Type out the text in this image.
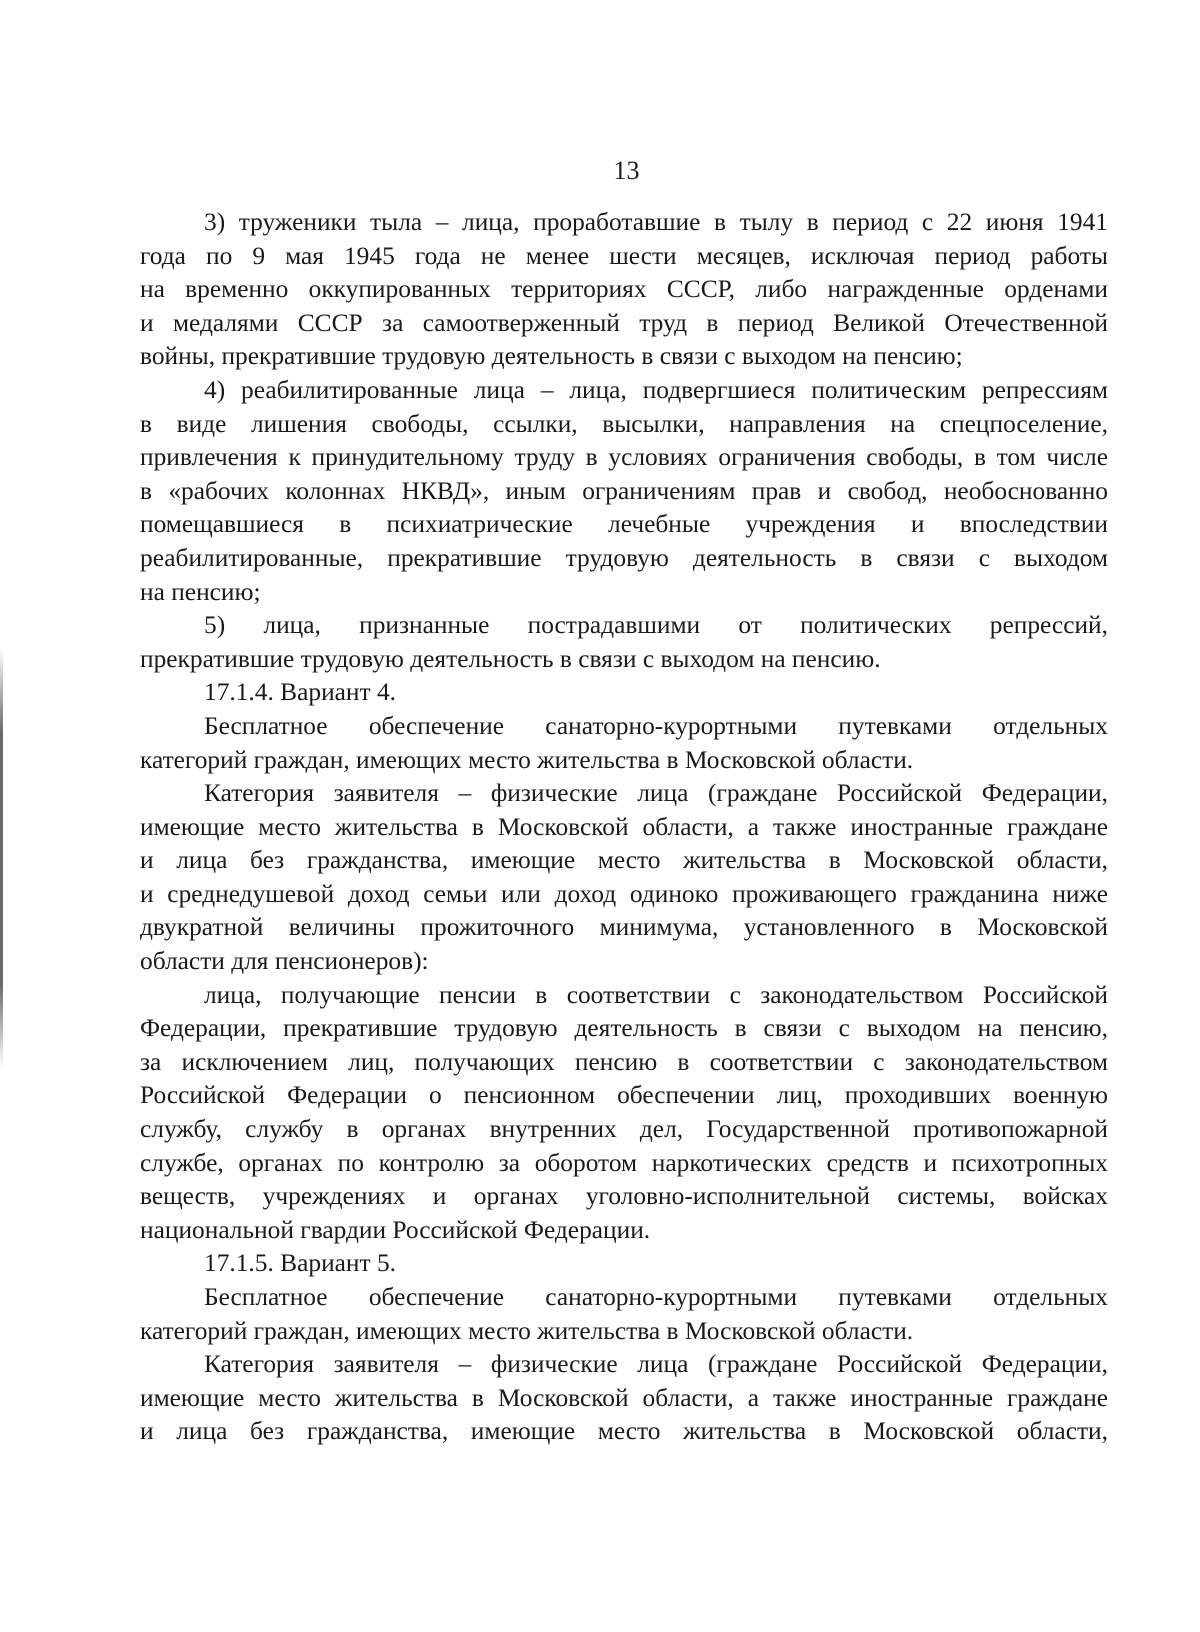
13
3) труженики тыла – лица, проработавшие в тылу в период с 22 июня 1941
года по 9 мая 1945 года не менее шести месяцев, исключая период работы
на временно оккупированных территориях СССР, либо награжденные орденами
и медалями СССР за самоотверженный труд в период Великой Отечественной
войны, прекратившие трудовую деятельность в связи с выходом на пенсию;
4) реабилитированные лица – лица, подвергшиеся политическим репрессиям
в виде лишения свободы, ссылки, высылки, направления на спецпоселение,
привлечения к принудительному труду в условиях ограничения свободы, в том числе
в «рабочих колоннах НКВД», иным ограничениям прав и свобод, необоснованно
помещавшиеся в психиатрические лечебные учреждения и впоследствии
реабилитированные, прекратившие трудовую деятельность в связи с выходом
на пенсию;
5) лица, признанные пострадавшими от политических репрессий,
прекратившие трудовую деятельность в связи с выходом на пенсию.
17.1.4. Вариант 4.
Бесплатное обеспечение санаторно-курортными путевками отдельных
категорий граждан, имеющих место жительства в Московской области.
Категория заявителя – физические лица (граждане Российской Федерации,
имеющие место жительства в Московской области, а также иностранные граждане
и лица без гражданства, имеющие место жительства в Московской области,
и среднедушевой доход семьи или доход одиноко проживающего гражданина ниже
двукратной величины прожиточного минимума, установленного в Московской
области для пенсионеров):
лица, получающие пенсии в соответствии с законодательством Российской
Федерации, прекратившие трудовую деятельность в связи с выходом на пенсию,
за исключением лиц, получающих пенсию в соответствии с законодательством
Российской Федерации о пенсионном обеспечении лиц, проходивших военную
службу, службу в органах внутренних дел, Государственной противопожарной
службе, органах по контролю за оборотом наркотических средств и психотропных
веществ, учреждениях и органах уголовно-исполнительной системы, войсках
национальной гвардии Российской Федерации.
17.1.5. Вариант 5.
Бесплатное обеспечение санаторно-курортными путевками отдельных
категорий граждан, имеющих место жительства в Московской области.
Категория заявителя – физические лица (граждане Российской Федерации,
имеющие место жительства в Московской области, а также иностранные граждане
и лица без гражданства, имеющие место жительства в Московской области,
